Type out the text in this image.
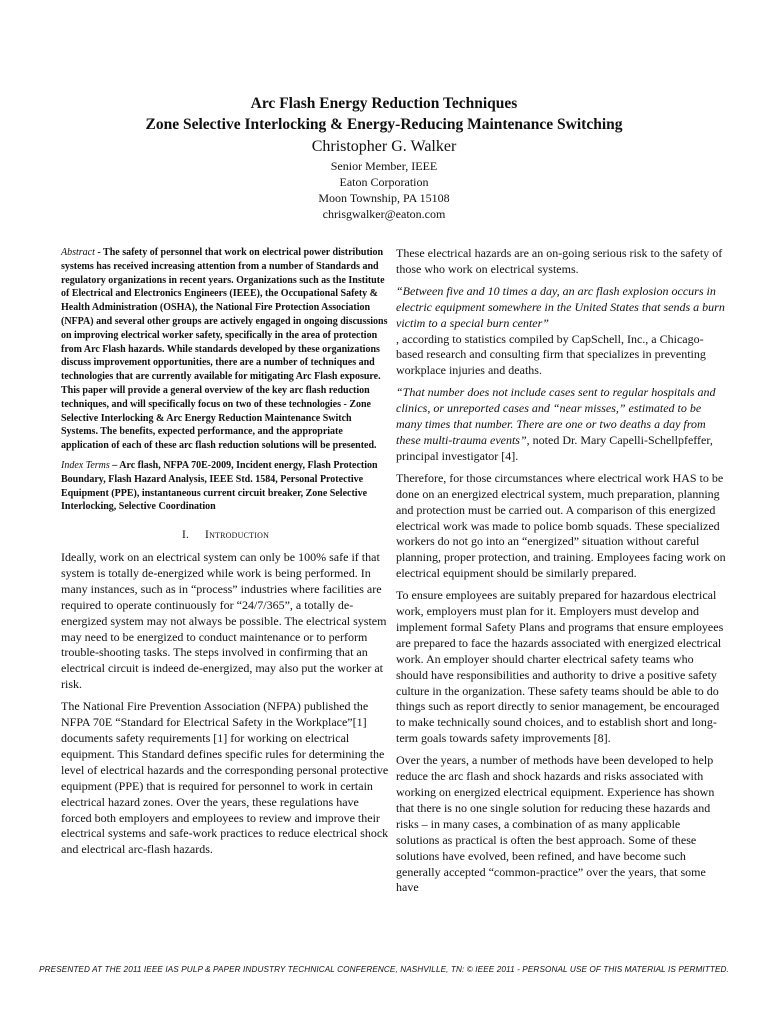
Arc Flash Energy Reduction Techniques
Zone Selective Interlocking & Energy-Reducing Maintenance Switching
Christopher G. Walker
Senior Member, IEEE
Eaton Corporation
Moon Township, PA 15108
chrisgwalker@eaton.com

Abstract - The safety of personnel that work on electrical power distribution systems has received increasing attention from a number of Standards and regulatory organizations in recent years. Organizations such as the Institute of Electrical and Electronics Engineers (IEEE), the Occupational Safety & Health Administration (OSHA), the National Fire Protection Association (NFPA) and several other groups are actively engaged in ongoing discussions on improving electrical worker safety, specifically in the area of protection from Arc Flash hazards. While standards developed by these organizations discuss improvement opportunities, there are a number of techniques and technologies that are currently available for mitigating Arc Flash exposure. This paper will provide a general overview of the key arc flash reduction techniques, and will specifically focus on two of these technologies - Zone Selective Interlocking & Arc Energy Reduction Maintenance Switch Systems. The benefits, expected performance, and the appropriate application of each of these arc flash reduction solutions will be presented.

Index Terms – Arc flash, NFPA 70E-2009, Incident energy, Flash Protection Boundary, Flash Hazard Analysis, IEEE Std. 1584, Personal Protective Equipment (PPE), instantaneous current circuit breaker, Zone Selective Interlocking, Selective Coordination

I. Introduction

Ideally, work on an electrical system can only be 100% safe if that system is totally de-energized while work is being performed. In many instances, such as in “process” industries where facilities are required to operate continuously for “24/7/365”, a totally de-energized system may not always be possible. The electrical system may need to be energized to conduct maintenance or to perform trouble-shooting tasks. The steps involved in confirming that an electrical circuit is indeed de-energized, may also put the worker at risk.

The National Fire Prevention Association (NFPA) published the NFPA 70E “Standard for Electrical Safety in the Workplace”[1] documents safety requirements [1] for working on electrical equipment. This Standard defines specific rules for determining the level of electrical hazards and the corresponding personal protective equipment (PPE) that is required for personnel to work in certain electrical hazard zones. Over the years, these regulations have forced both employers and employees to review and improve their electrical systems and safe-work practices to reduce electrical shock and electrical arc-flash hazards.

These electrical hazards are an on-going serious risk to the safety of those who work on electrical systems.

“Between five and 10 times a day, an arc flash explosion occurs in electric equipment somewhere in the United States that sends a burn victim to a special burn center”
, according to statistics compiled by CapSchell, Inc., a Chicago-based research and consulting firm that specializes in preventing workplace injuries and deaths.

“That number does not include cases sent to regular hospitals and clinics, or unreported cases and “near misses,” estimated to be many times that number. There are one or two deaths a day from these multi-trauma events”, noted Dr. Mary Capelli-Schellpfeffer, principal investigator [4].

Therefore, for those circumstances where electrical work HAS to be done on an energized electrical system, much preparation, planning and protection must be carried out. A comparison of this energized electrical work was made to police bomb squads. These specialized workers do not go into an “energized” situation without careful planning, proper protection, and training. Employees facing work on electrical equipment should be similarly prepared.

To ensure employees are suitably prepared for hazardous electrical work, employers must plan for it. Employers must develop and implement formal Safety Plans and programs that ensure employees are prepared to face the hazards associated with energized electrical work. An employer should charter electrical safety teams who should have responsibilities and authority to drive a positive safety culture in the organization. These safety teams should be able to do things such as report directly to senior management, be encouraged to make technically sound choices, and to establish short and long-term goals towards safety improvements [8].

Over the years, a number of methods have been developed to help reduce the arc flash and shock hazards and risks associated with working on energized electrical equipment. Experience has shown that there is no one single solution for reducing these hazards and risks – in many cases, a combination of as many applicable solutions as practical is often the best approach. Some of these solutions have evolved, been refined, and have become such generally accepted “common-practice” over the years, that some have

PRESENTED AT THE 2011 IEEE IAS PULP & PAPER INDUSTRY TECHNICAL CONFERENCE, NASHVILLE, TN: © IEEE 2011 - PERSONAL USE OF THIS MATERIAL IS PERMITTED.
